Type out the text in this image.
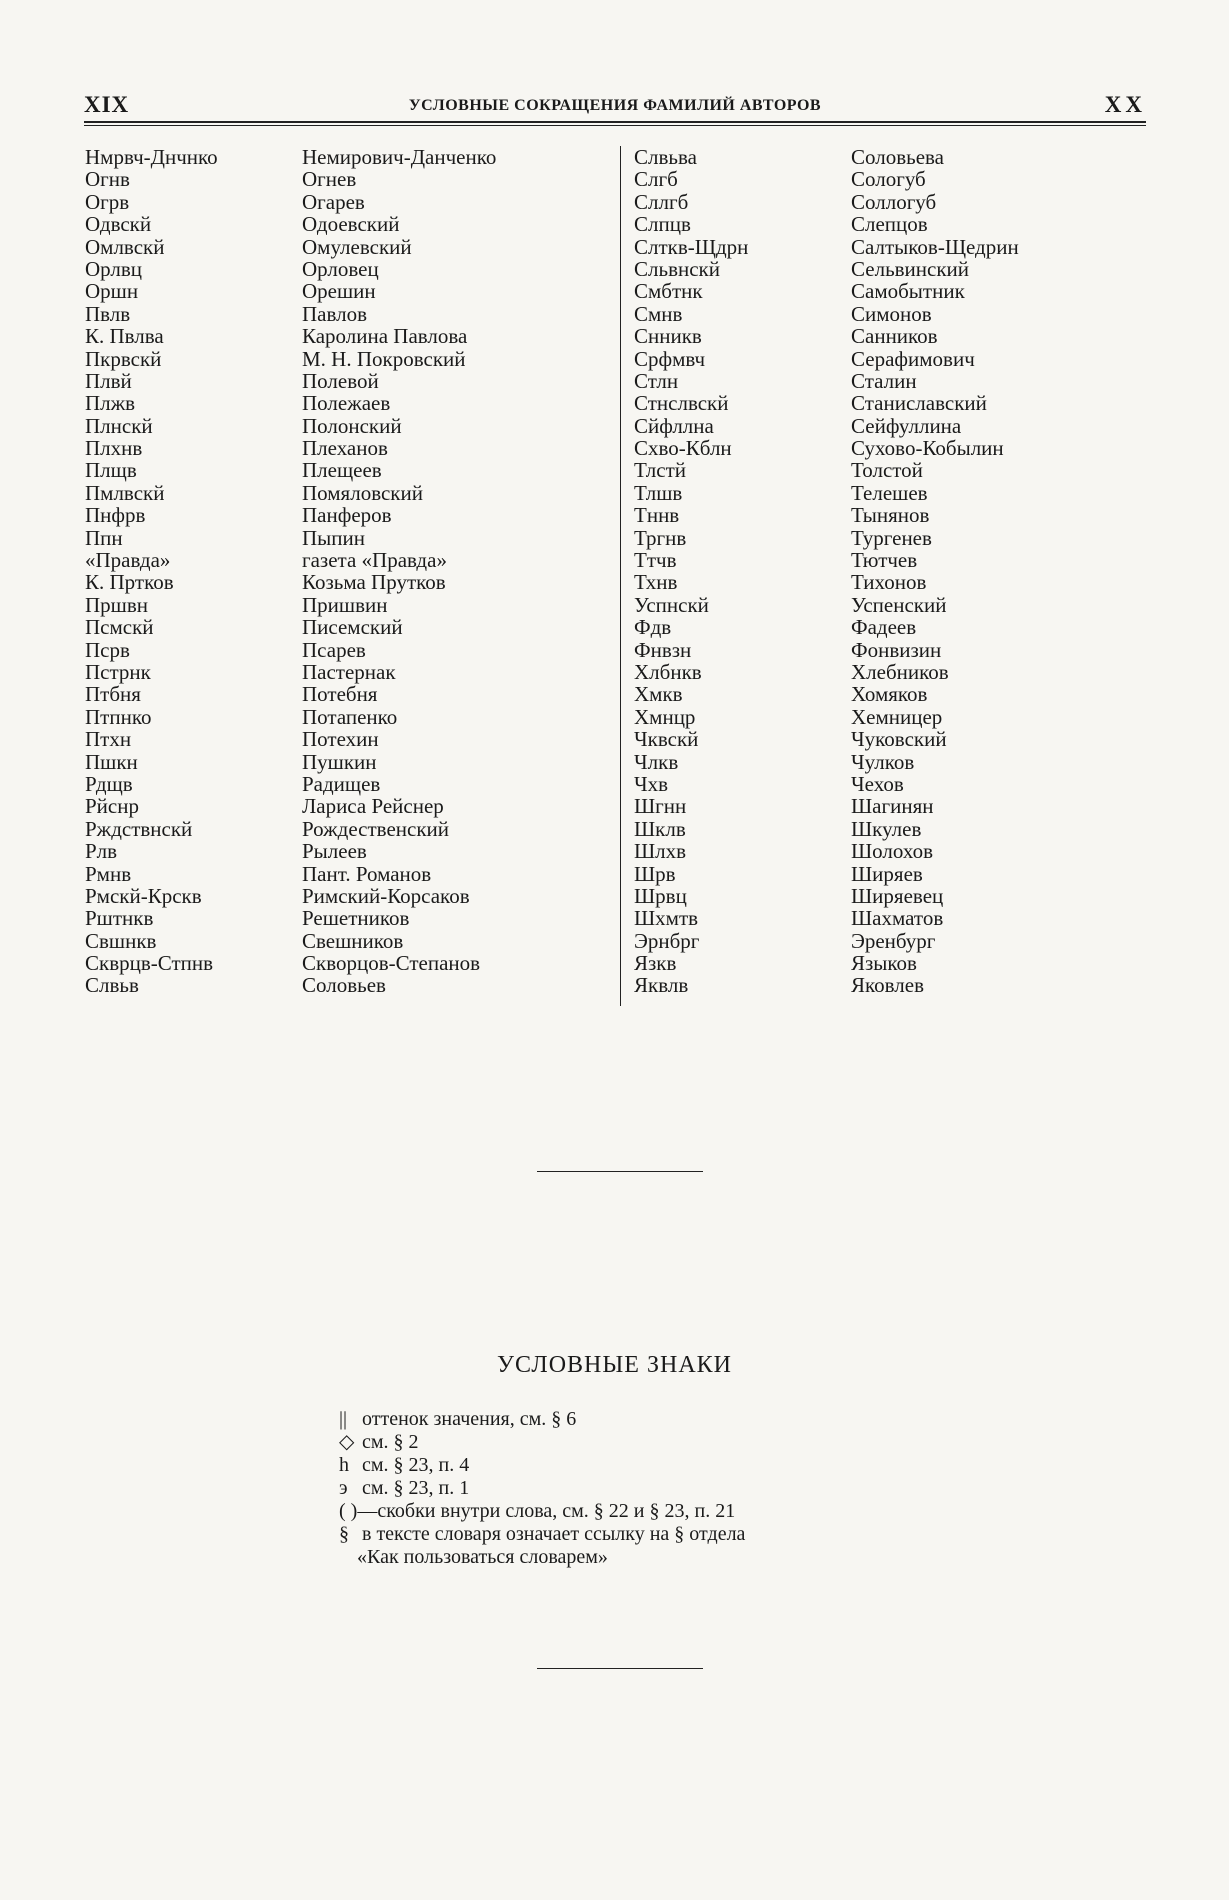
XIX	УСЛОВНЫЕ СОКРАЩЕНИЯ ФАМИЛИЙ АВТОРОВ	XX
Нмрвч-Днчнко
Огнв
Огрв
Одвскй
Омлвскй
Орлвц
Оршн
Пвлв
К. Пвлва
Пкрвскй
Плвй
Плжв
Плнскй
Плхнв
Плщв
Пмлвскй
Пнфрв
Ппн
«Правда»
К. Пртков
Пршвн
Псмскй
Псрв
Пстрнк
Птбня
Птпнко
Птхн
Пшкн
Рдщв
Рйснр
Рждствнскй
Рлв
Рмнв
Рмскй-Крскв
Рштнкв
Свшнкв
Скврцв-Стпнв
Слвьв
Немирович-Данченко
Огнев
Огарев
Одоевский
Омулевский
Орловец
Орешин
Павлов
Каролина Павлова
М. Н. Покровский
Полевой
Полежаев
Полонский
Плеханов
Плещеев
Помяловский
Панферов
Пыпин
газета «Правда»
Козьма Прутков
Пришвин
Писемский
Псарев
Пастернак
Потебня
Потапенко
Потехин
Пушкин
Радищев
Лариса Рейснер
Рождественский
Рылеев
Пант. Романов
Римский-Корсаков
Решетников
Свешников
Скворцов-Степанов
Соловьев
Слвьва
Слгб
Cллгб
Слпцв
Слткв-Щдрн
Сльвнскй
Смбтнк
Смнв
Снникв
Срфмвч
Стлн
Стнслвскй
Сйфллна
Схво-Кблн
Тлстй
Тлшв
Тннв
Тргнв
Ттчв
Тхнв
Успнскй
Фдв
Фнвзн
Хлбнкв
Хмкв
Хмнцр
Чквскй
Члкв
Чхв
Шгнн
Шклв
Шлхв
Шрв
Шрвц
Шхмтв
Эрнбрг
Язкв
Яквлв
Соловьева
Сологуб
Соллогуб
Слепцов
Салтыков-Щедрин
Сельвинский
Самобытник
Симонов
Санников
Серафимович
Сталин
Станиславский
Сейфуллина
Сухово-Кобылин
Толстой
Телешев
Тынянов
Тургенев
Тютчев
Тихонов
Успенский
Фадеев
Фонвизин
Хлебников
Хомяков
Хемницер
Чуковский
Чулков
Чехов
Шагинян
Шкулев
Шолохов
Ширяев
Ширяевец
Шахматов
Эренбург
Языков
Яковлев
УСЛОВНЫЕ ЗНАКИ
|| оттенок значения, см. § 6
◇ см. § 2
h см. § 23, п. 4
э см. § 23, п. 1
( )—скобки внутри слова, см. § 22 и § 23, п. 21
§ в тексте словаря означает ссылку на § отдела
«Как пользоваться словарем»
